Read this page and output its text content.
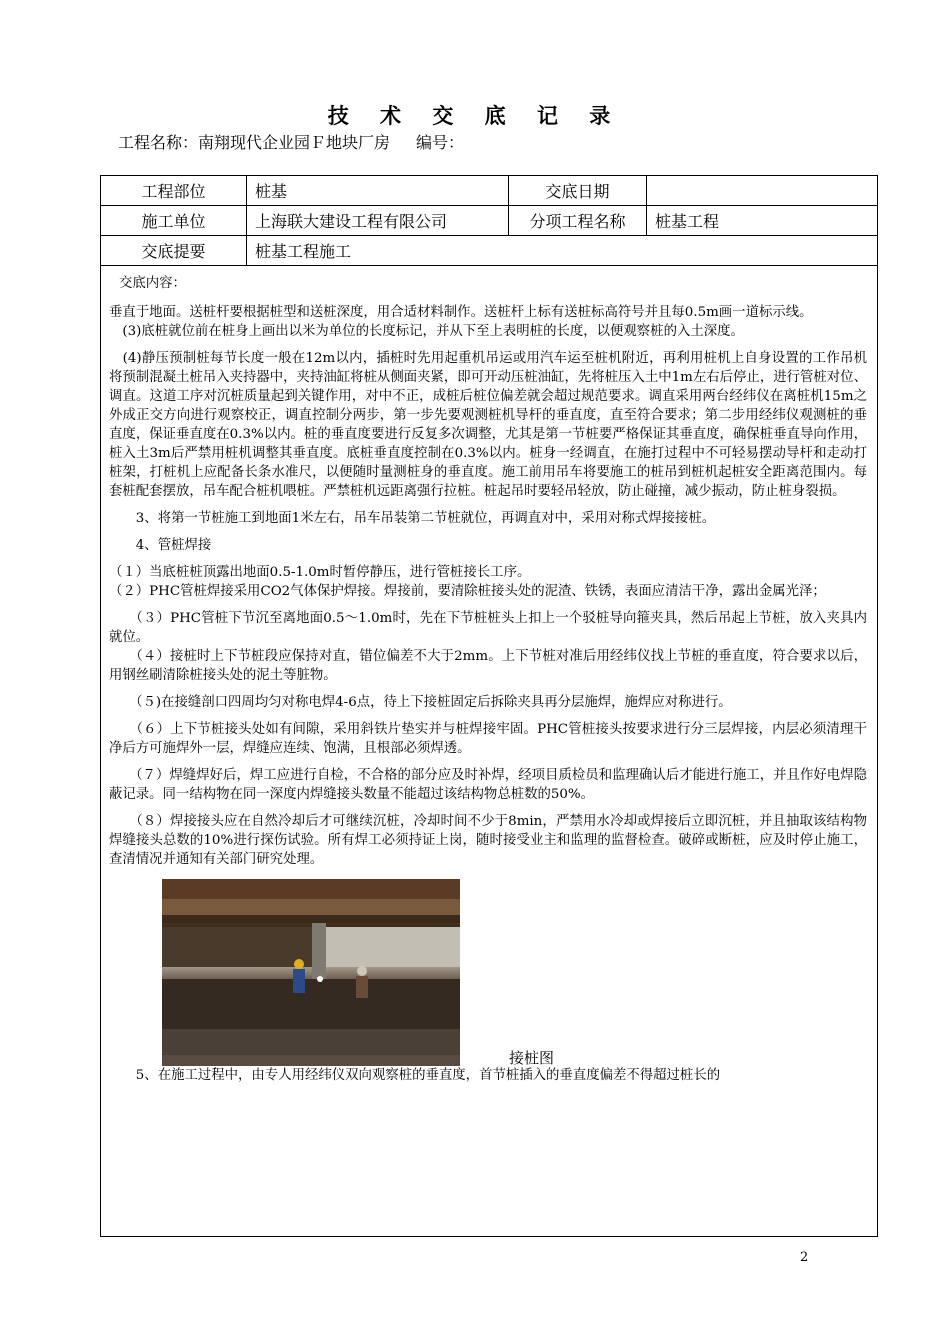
技 术 交 底 记 录
工程名称：南翔现代企业园Ｆ地块厂房 编号：
工程部位	桩基	交底日期	
施工单位	上海联大建设工程有限公司	分项工程名称	桩基工程
交底提要	桩基工程施工		

交底内容：

垂直于地面。送桩杆要根据桩型和送桩深度，用合适材料制作。送桩杆上标有送桩标高符号并且每0.5m画一道标示线。

　(3)底桩就位前在桩身上画出以米为单位的长度标记，并从下至上表明桩的长度，以便观察桩的入土深度。

　(4)静压预制桩每节长度一般在12m以内，插桩时先用起重机吊运或用汽车运至桩机附近，再利用桩机上自身设置的工作吊机将预制混凝土桩吊入夹持器中，夹持油缸将桩从侧面夹紧，即可开动压桩油缸，先将桩压入土中1m左右后停止，进行管桩对位、调直。这道工序对沉桩质量起到关键作用，对中不正，成桩后桩位偏差就会超过规范要求。调直采用两台经纬仪在离桩机15m之外成正交方向进行观察校正，调直控制分两步，第一步先要观测桩机导杆的垂直度，直至符合要求；第二步用经纬仪观测桩的垂直度，保证垂直度在0.3%以内。桩的垂直度要进行反复多次调整，尤其是第一节桩要严格保证其垂直度，确保桩垂直导向作用，桩入土3m后严禁用桩机调整其垂直度。底桩垂直度控制在0.3%以内。桩身一经调直，在施打过程中不可轻易摆动导杆和走动打桩架，打桩机上应配备长条水准尺，以便随时量测桩身的垂直度。施工前用吊车将要施工的桩吊到桩机起桩安全距离范围内。每套桩配套摆放，吊车配合桩机喂桩。严禁桩机远距离强行拉桩。桩起吊时要轻吊轻放，防止碰撞，减少振动，防止桩身裂损。

　　3、将第一节桩施工到地面1米左右，吊车吊装第二节桩就位，再调直对中，采用对称式焊接接桩。

　　4、管桩焊接

（１）当底桩桩顶露出地面0.5-1.0m时暂停静压，进行管桩接长工序。

（２）PHC管桩焊接采用CO2气体保护焊接。焊接前，要清除桩接头处的泥渣、铁锈，表面应清洁干净，露出金属光泽；

　　（３）PHC管桩下节沉至离地面0.5～1.0m时，先在下节桩桩头上扣上一个驳桩导向箍夹具，然后吊起上节桩，放入夹具内就位。

　　（４）接桩时上下节桩段应保持对直，错位偏差不大于2mm。上下节桩对准后用经纬仪找上节桩的垂直度，符合要求以后，用钢丝刷清除桩接头处的泥土等脏物。

　　（５)在接缝剖口四周均匀对称电焊4-6点，待上下接桩固定后拆除夹具再分层施焊，施焊应对称进行。

　　（６）上下节桩接头处如有间隙，采用斜铁片垫实并与桩焊接牢固。PHC管桩接头按要求进行分三层焊接，内层必须清理干净后方可施焊外一层，焊缝应连续、饱满，且根部必须焊透。

　　（７）焊缝焊好后，焊工应进行自检，不合格的部分应及时补焊，经项目质检员和监理确认后才能进行施工，并且作好电焊隐蔽记录。同一结构物在同一深度内焊缝接头数量不能超过该结构物总桩数的50%。

　　（８）焊接接头应在自然冷却后才可继续沉桩，冷却时间不少于8min，严禁用水冷却或焊接后立即沉桩，并且抽取该结构物焊缝接头总数的10%进行探伤试验。所有焊工必须持证上岗，随时接受业主和监理的监督检查。破碎或断桩，应及时停止施工，查清情况并通知有关部门研究处理。

接桩图

　　5、在施工过程中，由专人用经纬仪双向观察桩的垂直度，首节桩插入的垂直度偏差不得超过桩长的

2
